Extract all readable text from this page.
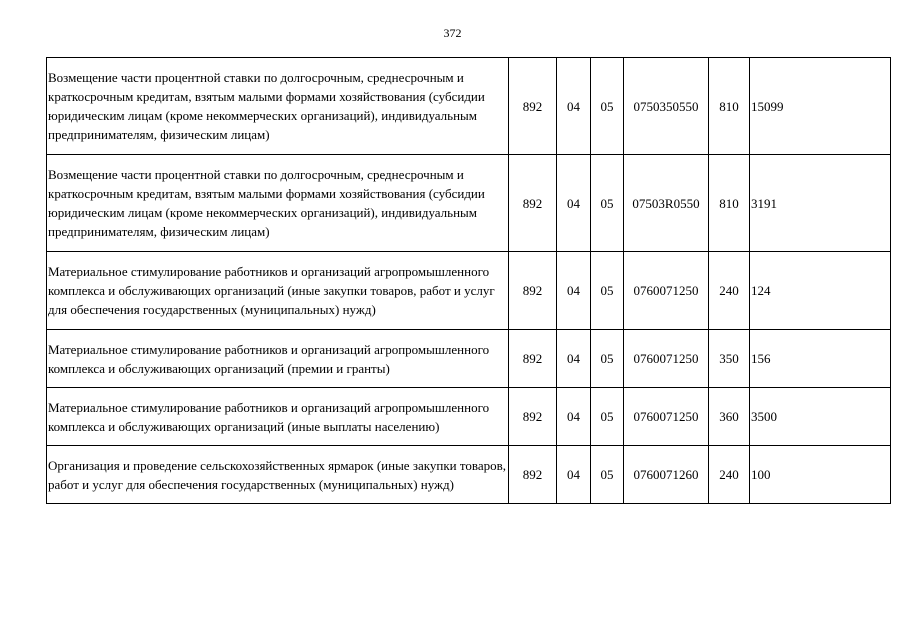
372
Возмещение части процентной ставки по долгосрочным, среднесрочным и краткосрочным кредитам, взятым малыми формами хозяйствования (субсидии юридическим лицам (кроме некоммерческих организаций), индивидуальным предпринимателям, физическим лицам)	892	04	05	0750350550	810	15099
Возмещение части процентной ставки по долгосрочным, среднесрочным и краткосрочным кредитам, взятым малыми формами хозяйствования (субсидии юридическим лицам (кроме некоммерческих организаций), индивидуальным предпринимателям, физическим лицам)	892	04	05	07503R0550	810	3191
Материальное стимулирование работников и организаций агропромышленного комплекса и обслуживающих организаций (иные закупки товаров, работ и услуг для обеспечения государственных (муниципальных) нужд)	892	04	05	0760071250	240	124
Материальное стимулирование работников и организаций агропромышленного комплекса и обслуживающих организаций (премии и гранты)	892	04	05	0760071250	350	156
Материальное стимулирование работников и организаций агропромышленного комплекса и обслуживающих организаций (иные выплаты населению)	892	04	05	0760071250	360	3500
Организация и проведение сельскохозяйственных ярмарок (иные закупки товаров, работ и услуг для обеспечения государственных (муниципальных) нужд)	892	04	05	0760071260	240	100
